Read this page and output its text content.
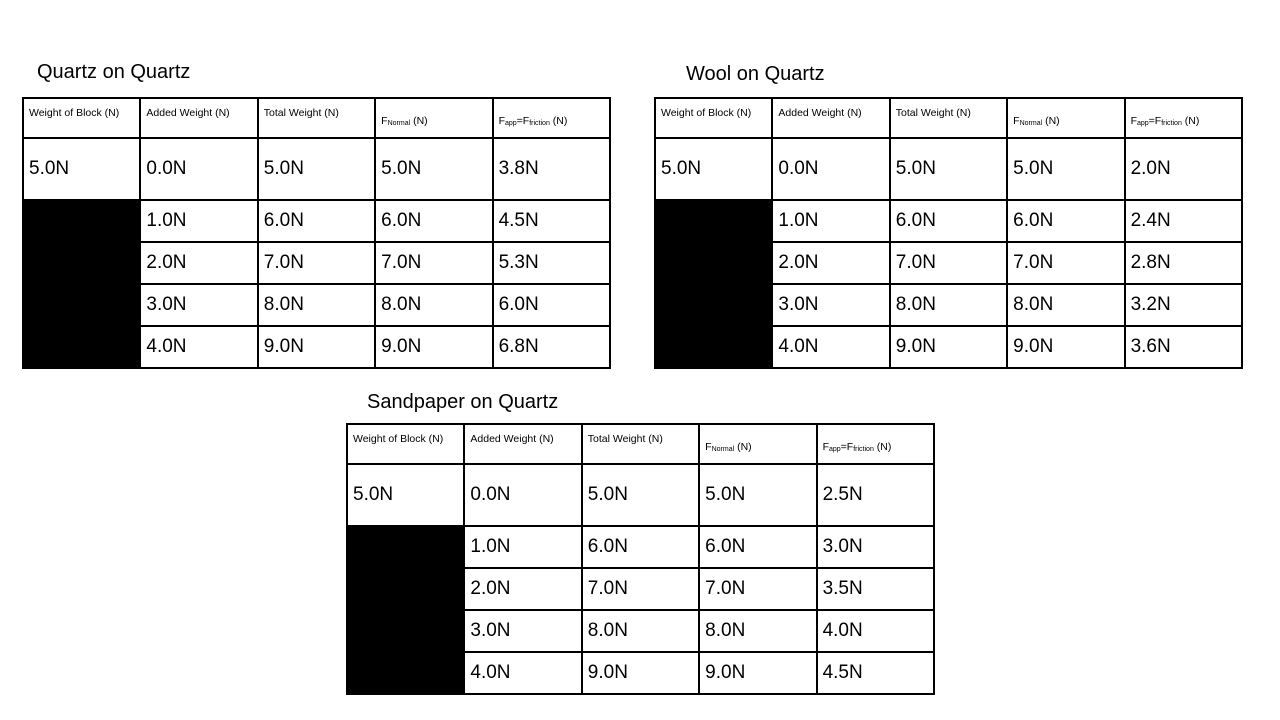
Quartz on Quartz
Weight of Block (N)	Added Weight (N)	Total Weight (N)	$F_{Normal}$ (N)	$F_{app}=F_{friction}$ (N)
5.0N	0.0N	5.0N	5.0N	3.8N
	1.0N	6.0N	6.0N	4.5N
	2.0N	7.0N	7.0N	5.3N
	3.0N	8.0N	8.0N	6.0N
	4.0N	9.0N	9.0N	6.8N
Wool on Quartz
Weight of Block (N)	Added Weight (N)	Total Weight (N)	$F_{Normal}$ (N)	$F_{app}=F_{friction}$ (N)
5.0N	0.0N	5.0N	5.0N	2.0N
	1.0N	6.0N	6.0N	2.4N
	2.0N	7.0N	7.0N	2.8N
	3.0N	8.0N	8.0N	3.2N
	4.0N	9.0N	9.0N	3.6N
Sandpaper on Quartz
Weight of Block (N)	Added Weight (N)	Total Weight (N)	$F_{Normal}$ (N)	$F_{app}=F_{friction}$ (N)
5.0N	0.0N	5.0N	5.0N	2.5N
	1.0N	6.0N	6.0N	3.0N
	2.0N	7.0N	7.0N	3.5N
	3.0N	8.0N	8.0N	4.0N
	4.0N	9.0N	9.0N	4.5N
